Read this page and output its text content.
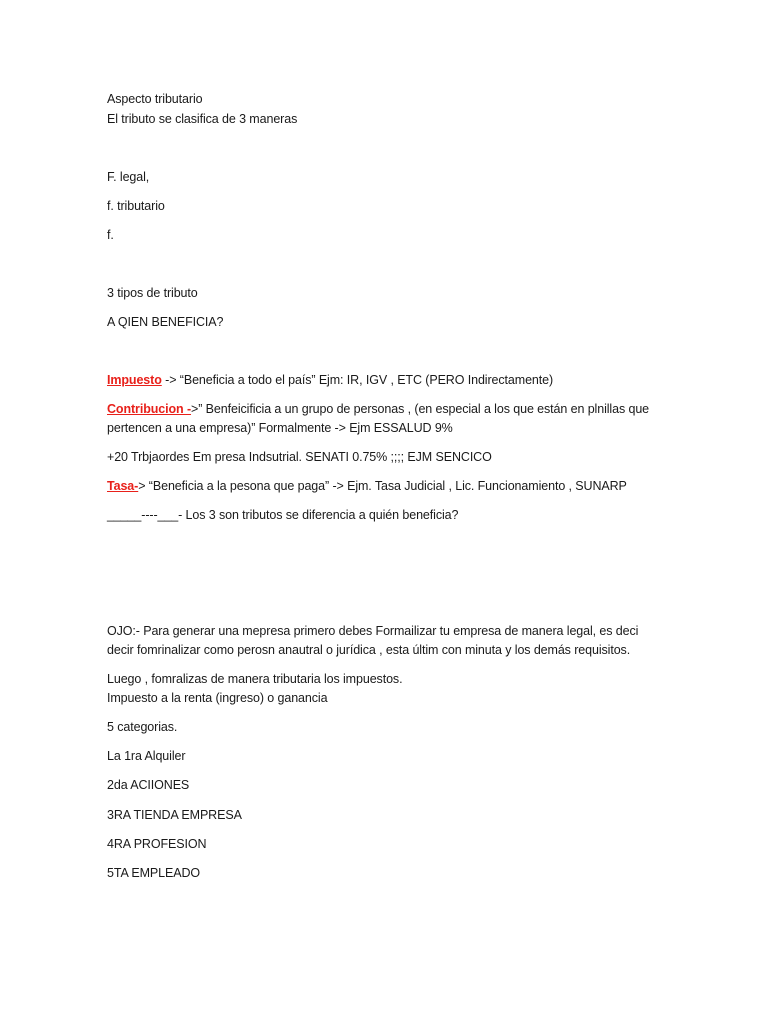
Aspecto tributario
El tributo se clasifica de 3 maneras
F. legal,
f. tributario
f.
3 tipos de tributo
A QIEN BENEFICIA?
Impuesto -> “Beneficia a todo el país” Ejm: IR, IGV , ETC (PERO Indirectamente)
Contribucion ->” Benfeicificia a un grupo de personas , (en especial a los que están en plnillas que
pertencen a una empresa)” Formalmente -> Ejm ESSALUD 9%
+20 Trbjaordes Em presa Indsutrial. SENATI 0.75% ;;;; EJM SENCICO
Tasa-> “Beneficia a la pesona que paga” -> Ejm. Tasa Judicial , Lic. Funcionamiento , SUNARP
_____----___- Los 3 son tributos se diferencia a quién beneficia?
OJO:- Para generar una mepresa primero debes Formailizar tu empresa de manera legal, es deci
decir fomrinalizar como perosn anautral o jurídica , esta últim con minuta y los demás requisitos.
Luego , fomralizas de manera tributaria los impuestos.
Impuesto a la renta (ingreso) o ganancia
5 categorias.
La 1ra Alquiler
2da ACIIONES
3RA TIENDA EMPRESA
4RA PROFESION
5TA EMPLEADO
